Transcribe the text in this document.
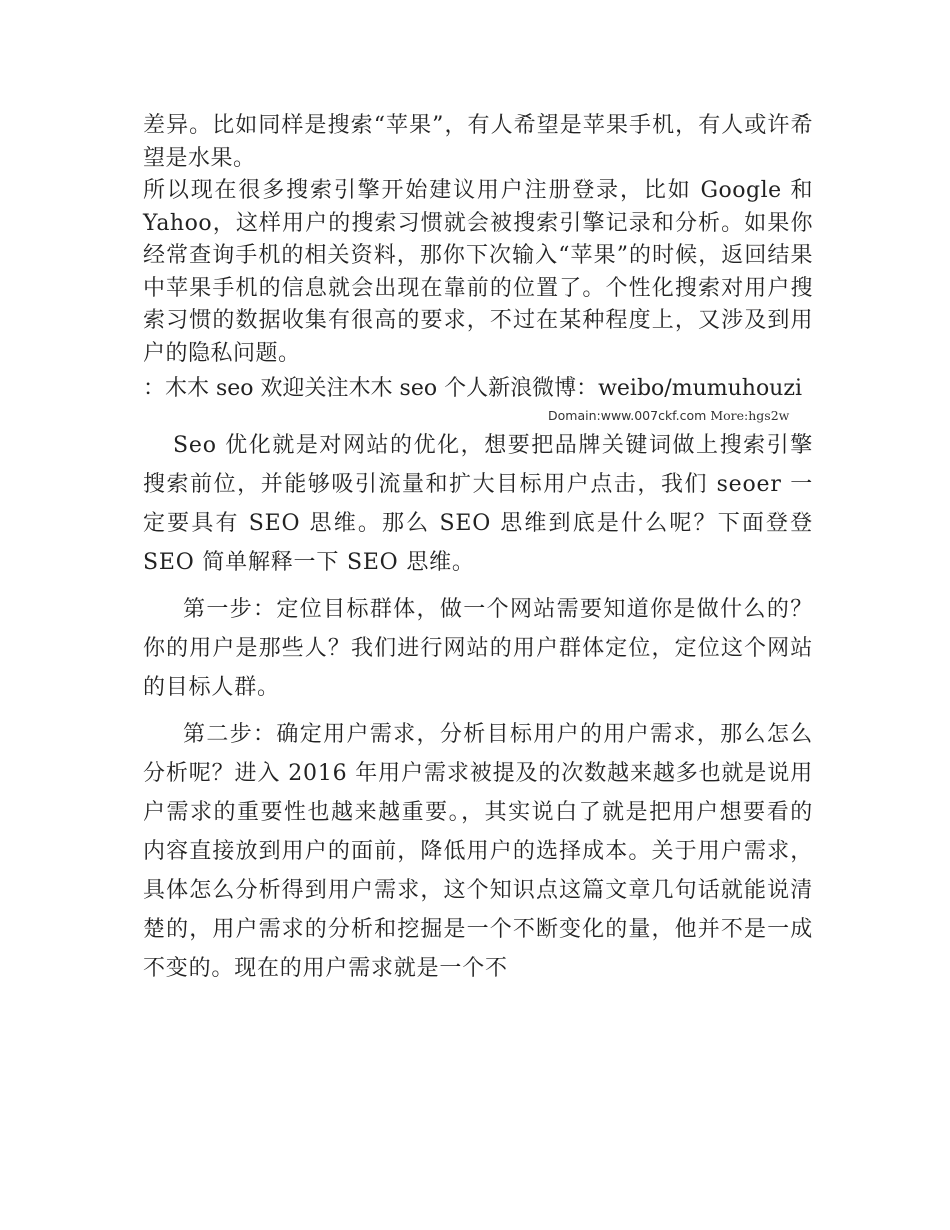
差异。比如同样是搜索“苹果”，有人希望是苹果手机，有人或许希望是水果。

所以现在很多搜索引擎开始建议用户注册登录，比如 Google 和 Yahoo，这样用户的搜索习惯就会被搜索引擎记录和分析。如果你经常查询手机的相关资料，那你下次输入“苹果”的时候，返回结果中苹果手机的信息就会出现在靠前的位置了。个性化搜索对用户搜索习惯的数据收集有很高的要求，不过在某种程度上，又涉及到用户的隐私问题。

：木木 seo 欢迎关注木木 seo 个人新浪微博：weibo/mumuhouzi
Domain:www.007ckf.com More:hgs2w

Seo 优化就是对网站的优化，想要把品牌关键词做上搜索引擎搜索前位，并能够吸引流量和扩大目标用户点击，我们 seoer 一定要具有 SEO 思维。那么 SEO 思维到底是什么呢？下面登登 SEO 简单解释一下 SEO 思维。

第一步：定位目标群体，做一个网站需要知道你是做什么的？你的用户是那些人？我们进行网站的用户群体定位，定位这个网站的目标人群。

第二步：确定用户需求，分析目标用户的用户需求，那么怎么分析呢？进入 2016 年用户需求被提及的次数越来越多也就是说用户需求的重要性也越来越重要。，其实说白了就是把用户想要看的内容直接放到用户的面前，降低用户的选择成本。关于用户需求，具体怎么分析得到用户需求，这个知识点这篇文章几句话就能说清楚的，用户需求的分析和挖掘是一个不断变化的量，他并不是一成不变的。现在的用户需求就是一个不
